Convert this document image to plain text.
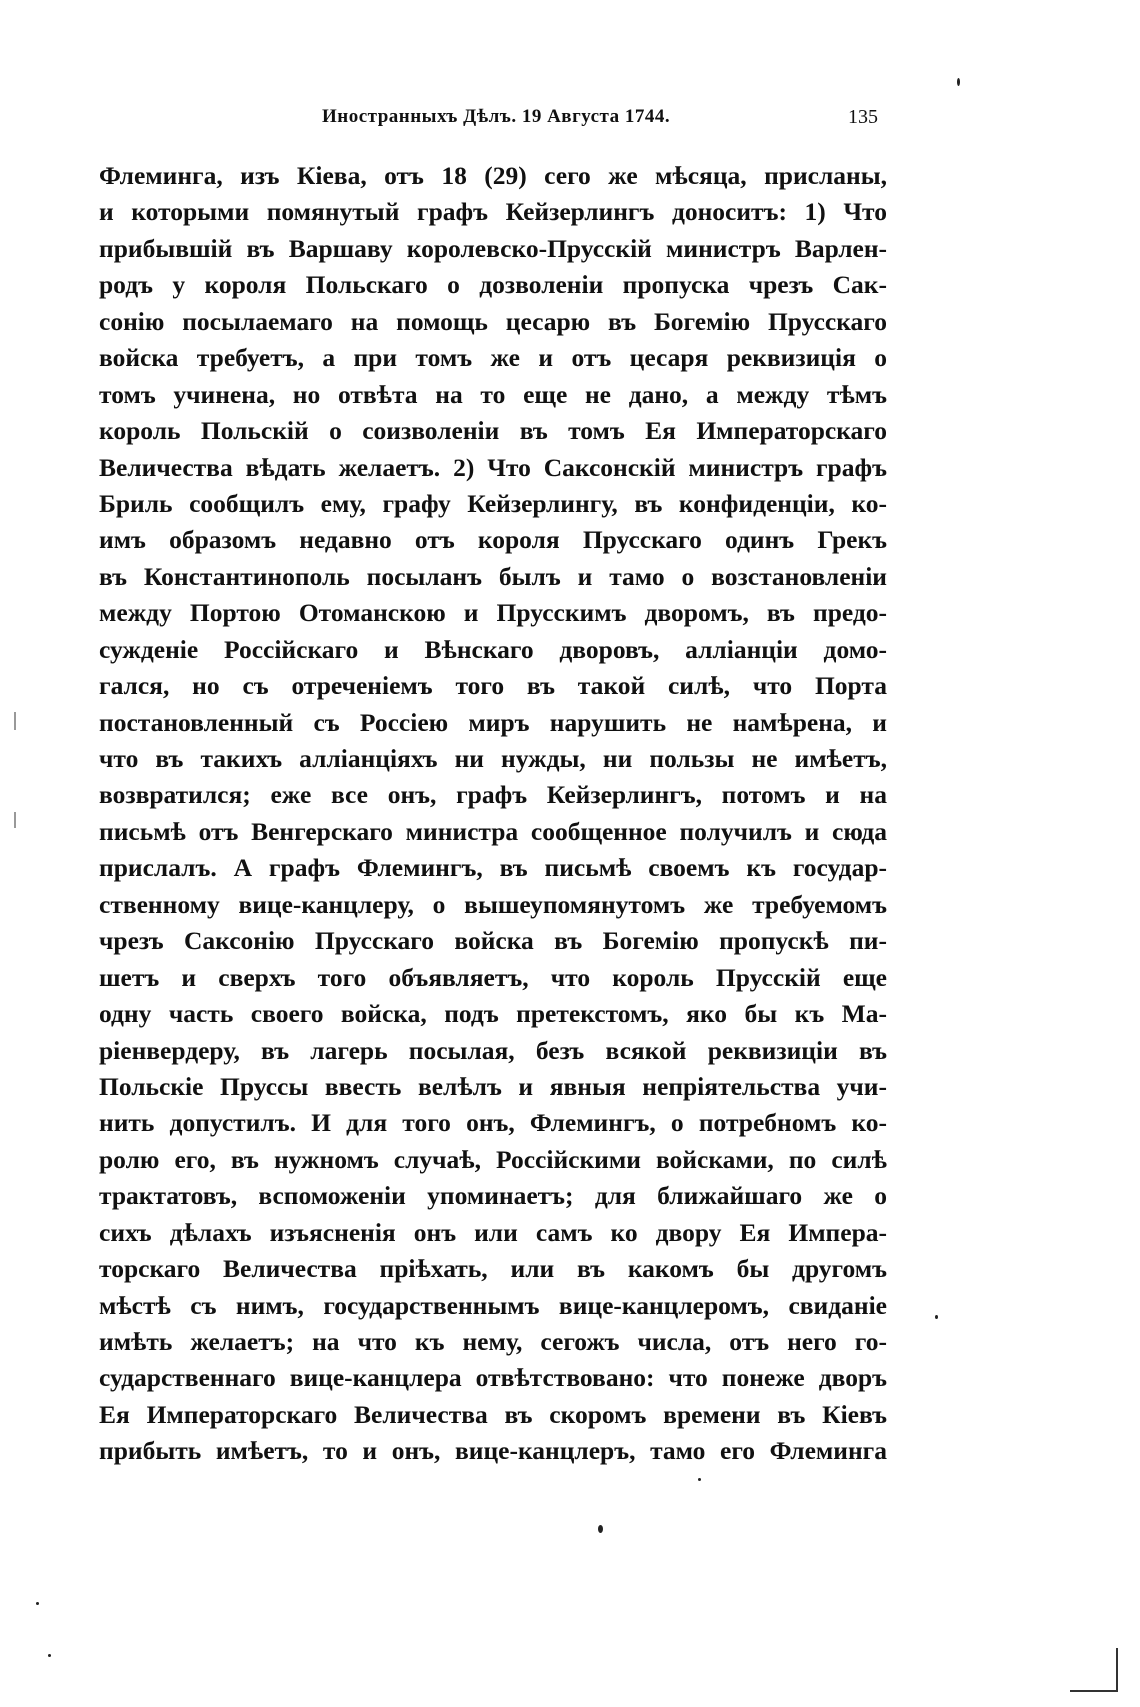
Иностранныхъ Дѣлъ. 19 Августа 1744.	135
Флеминга, изъ Кіева, отъ 18 (29) сего же мѣсяца, присланы,
и которыми помянутый графъ Кейзерлингъ доноситъ: 1) Что
прибывшій въ Варшаву королевско-Прусскій министръ Варлен-
родъ у короля Польскаго о дозволеніи пропуска чрезъ Сак-
сонію посылаемаго на помощь цесарю въ Богемію Прусскаго
войска требуетъ, а при томъ же и отъ цесаря реквизиція о
томъ учинена, но отвѣта на то еще не дано, а между тѣмъ
король Польскій о соизволеніи въ томъ Ея Императорскаго
Величества вѣдать желаетъ. 2) Что Саксонскій министръ графъ
Бриль сообщилъ ему, графу Кейзерлингу, въ конфиденціи, ко-
имъ образомъ недавно отъ короля Прусскаго одинъ Грекъ
въ Константинополь посыланъ былъ и тамо о возстановленіи
между Портою Отоманскою и Прусскимъ дворомъ, въ предо-
сужденіе Россійскаго и Вѣнскаго дворовъ, алліанціи домо-
гался, но съ отреченіемъ того въ такой силѣ, что Порта
постановленный съ Россіею миръ нарушить не намѣрена, и
что въ такихъ алліанціяхъ ни нужды, ни пользы не имѣетъ,
возвратился; еже все онъ, графъ Кейзерлингъ, потомъ и на
письмѣ отъ Венгерскаго министра сообщенное получилъ и сюда
прислалъ. А графъ Флемингъ, въ письмѣ своемъ къ государ-
ственному вице-канцлеру, о вышеупомянутомъ же требуемомъ
чрезъ Саксонію Прусскаго войска въ Богемію пропускѣ пи-
шетъ и сверхъ того объявляетъ, что король Прусскій еще
одну часть своего войска, подъ претекстомъ, яко бы къ Ма-
ріенвердеру, въ лагерь посылая, безъ всякой реквизиціи въ
Польскіе Пруссы ввесть велѣлъ и явныя непріятельства учи-
нить допустилъ. И для того онъ, Флемингъ, о потребномъ ко-
ролю его, въ нужномъ случаѣ, Россійскими войсками, по силѣ
трактатовъ, вспоможеніи упоминаетъ; для ближайшаго же о
сихъ дѣлахъ изъясненія онъ или самъ ко двору Ея Импера-
торскаго Величества пріѣхать, или въ какомъ бы другомъ
мѣстѣ съ нимъ, государственнымъ вице-канцлеромъ, свиданіе
имѣть желаетъ; на что къ нему, сегожъ числа, отъ него го-
сударственнаго вице-канцлера отвѣтствовано: что понеже дворъ
Ея Императорскаго Величества въ скоромъ времени въ Кіевъ
прибыть имѣетъ, то и онъ, вице-канцлеръ, тамо его Флеминга
